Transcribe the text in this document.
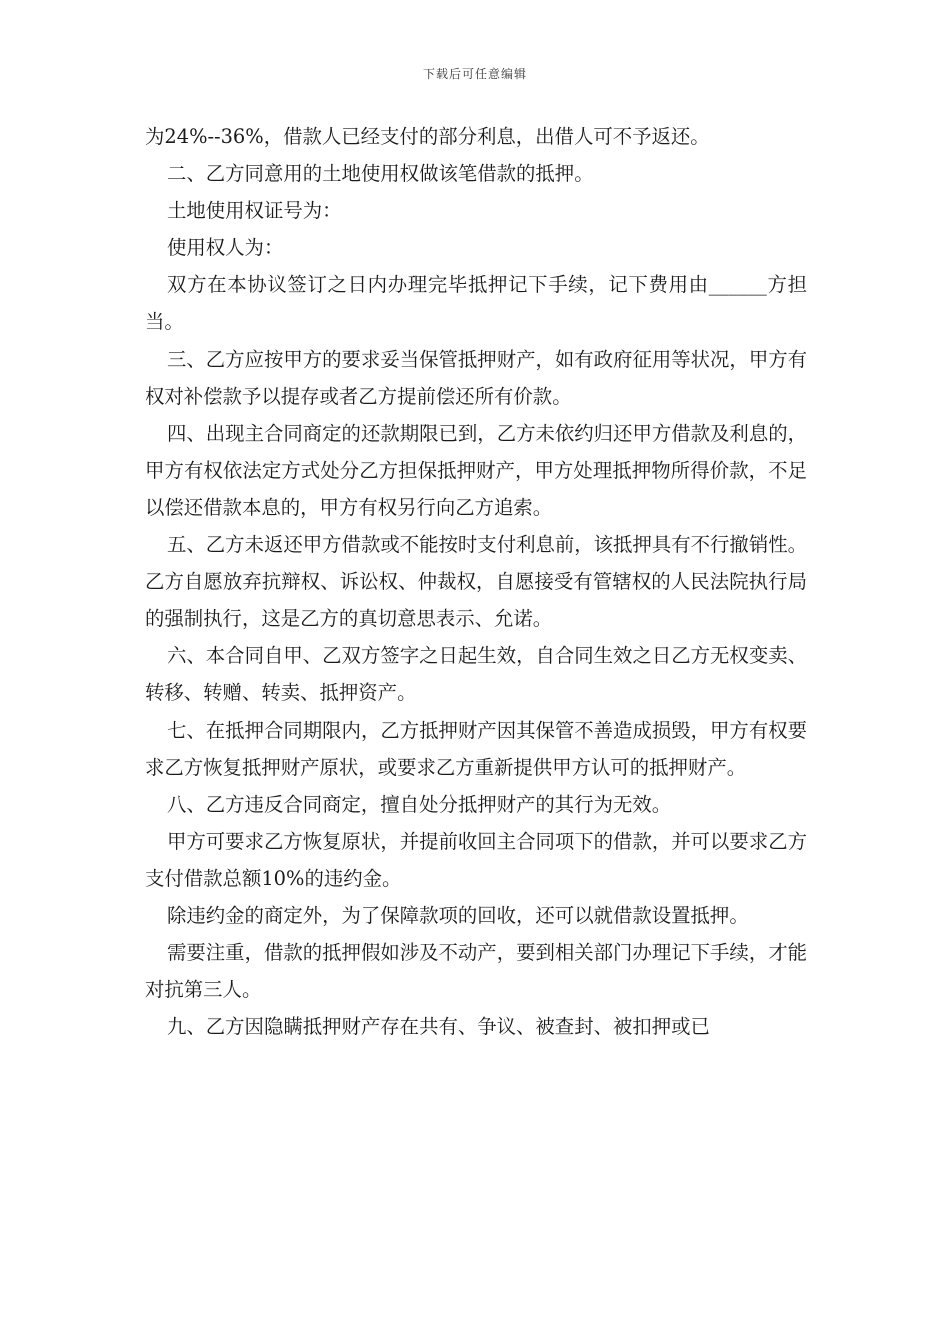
下载后可任意编辑

为24%--36%，借款人已经支付的部分利息，出借人可不予返还。

二、乙方同意用的土地使用权做该笔借款的抵押。

土地使用权证号为：

使用权人为：

双方在本协议签订之日内办理完毕抵押记下手续，记下费用由______方担当。

三、乙方应按甲方的要求妥当保管抵押财产，如有政府征用等状况，甲方有权对补偿款予以提存或者乙方提前偿还所有价款。

四、出现主合同商定的还款期限已到，乙方未依约归还甲方借款及利息的，甲方有权依法定方式处分乙方担保抵押财产，甲方处理抵押物所得价款，不足以偿还借款本息的，甲方有权另行向乙方追索。

五、乙方未返还甲方借款或不能按时支付利息前，该抵押具有不行撤销性。乙方自愿放弃抗辩权、诉讼权、仲裁权，自愿接受有管辖权的人民法院执行局的强制执行，这是乙方的真切意思表示、允诺。

六、本合同自甲、乙双方签字之日起生效，自合同生效之日乙方无权变卖、转移、转赠、转卖、抵押资产。

七、在抵押合同期限内，乙方抵押财产因其保管不善造成损毁，甲方有权要求乙方恢复抵押财产原状，或要求乙方重新提供甲方认可的抵押财产。

八、乙方违反合同商定，擅自处分抵押财产的其行为无效。

甲方可要求乙方恢复原状，并提前收回主合同项下的借款，并可以要求乙方支付借款总额10%的违约金。

除违约金的商定外，为了保障款项的回收，还可以就借款设置抵押。

需要注重，借款的抵押假如涉及不动产，要到相关部门办理记下手续，才能对抗第三人。

九、乙方因隐瞒抵押财产存在共有、争议、被查封、被扣押或已
